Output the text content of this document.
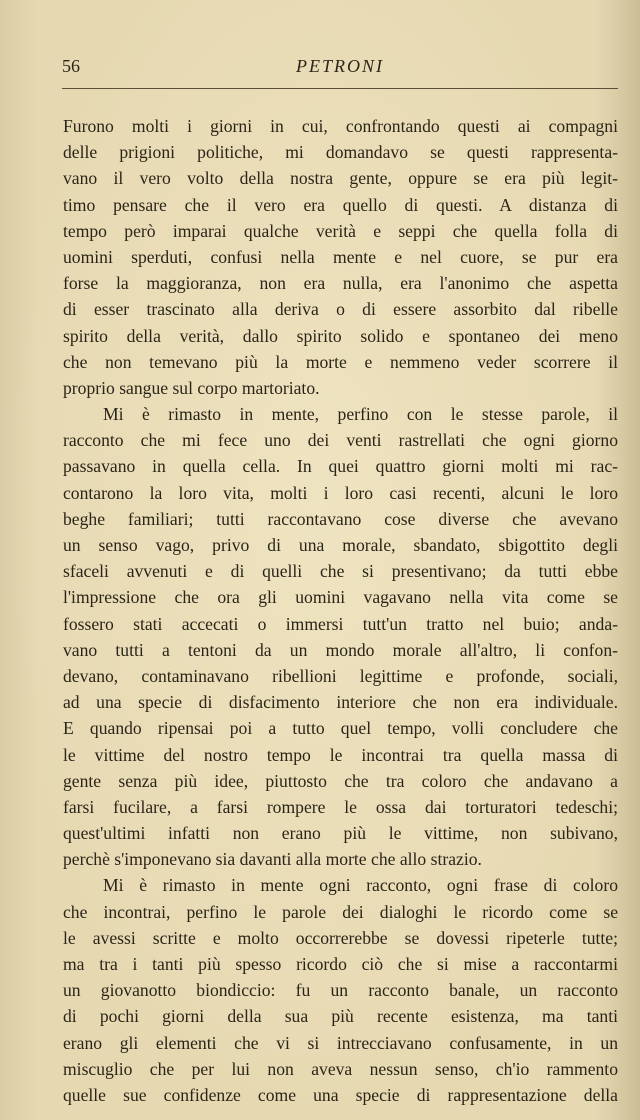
56	PETRONI
Furono molti i giorni in cui, confrontando questi ai compagni
delle prigioni politiche, mi domandavo se questi rappresenta-
vano il vero volto della nostra gente, oppure se era più legit-
timo pensare che il vero era quello di questi. A distanza di
tempo però imparai qualche verità e seppi che quella folla di
uomini sperduti, confusi nella mente e nel cuore, se pur era
forse la maggioranza, non era nulla, era l'anonimo che aspetta
di esser trascinato alla deriva o di essere assorbito dal ribelle
spirito della verità, dallo spirito solido e spontaneo dei meno
che non temevano più la morte e nemmeno veder scorrere il
proprio sangue sul corpo martoriato.
Mi è rimasto in mente, perfino con le stesse parole, il
racconto che mi fece uno dei venti rastrellati che ogni giorno
passavano in quella cella. In quei quattro giorni molti mi rac-
contarono la loro vita, molti i loro casi recenti, alcuni le loro
beghe familiari; tutti raccontavano cose diverse che avevano
un senso vago, privo di una morale, sbandato, sbigottito degli
sfaceli avvenuti e di quelli che si presentivano; da tutti ebbe
l'impressione che ora gli uomini vagavano nella vita come se
fossero stati accecati o immersi tutt'un tratto nel buio; anda-
vano tutti a tentoni da un mondo morale all'altro, li confon-
devano, contaminavano ribellioni legittime e profonde, sociali,
ad una specie di disfacimento interiore che non era individuale.
E quando ripensai poi a tutto quel tempo, volli concludere che
le vittime del nostro tempo le incontrai tra quella massa di
gente senza più idee, piuttosto che tra coloro che andavano a
farsi fucilare, a farsi rompere le ossa dai torturatori tedeschi;
quest'ultimi infatti non erano più le vittime, non subivano,
perchè s'imponevano sia davanti alla morte che allo strazio.
Mi è rimasto in mente ogni racconto, ogni frase di coloro
che incontrai, perfino le parole dei dialoghi le ricordo come se
le avessi scritte e molto occorrerebbe se dovessi ripeterle tutte;
ma tra i tanti più spesso ricordo ciò che si mise a raccontarmi
un giovanotto biondiccio: fu un racconto banale, un racconto
di pochi giorni della sua più recente esistenza, ma tanti
erano gli elementi che vi si intrecciavano confusamente, in un
miscuglio che per lui non aveva nessun senso, ch'io rammento
quelle sue confidenze come una specie di rappresentazione della
